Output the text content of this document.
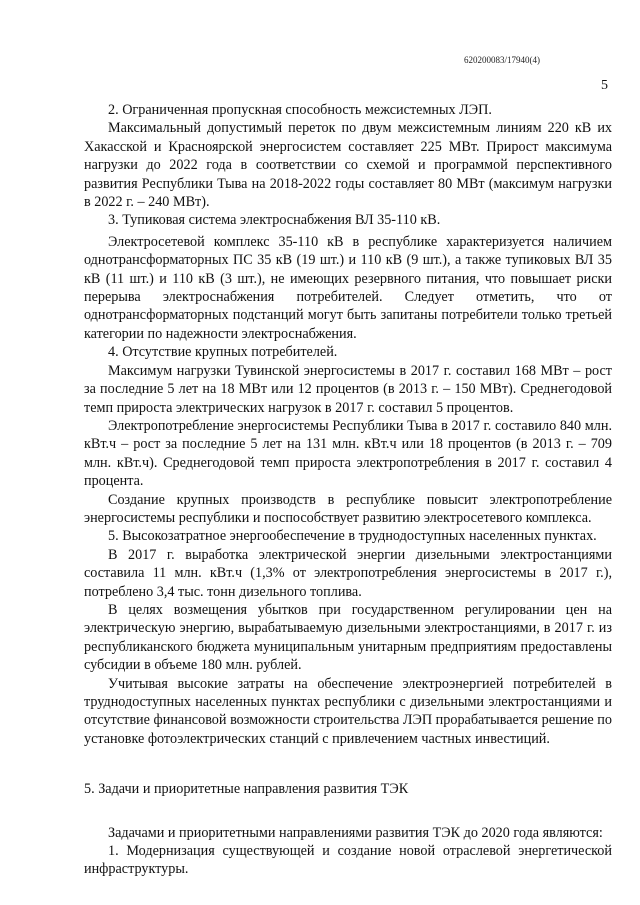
620200083/17940(4)
5

2. Ограниченная пропускная способность межсистемных ЛЭП.

Максимальный допустимый переток по двум межсистемным линиям 220 кВ их Хакасской и Красноярской энергосистем составляет 225 МВт. Прирост максимума нагрузки до 2022 года в соответствии со схемой и программой перспективного развития Республики Тыва на 2018-2022 годы составляет 80 МВт (максимум нагрузки в 2022 г. – 240 МВт).

3. Тупиковая система электроснабжения ВЛ 35-110 кВ.

Электросетевой комплекс 35-110 кВ в республике характеризуется наличием однотрансформаторных ПС 35 кВ (19 шт.) и 110 кВ (9 шт.), а также тупиковых ВЛ 35 кВ (11 шт.) и 110 кВ (3 шт.), не имеющих резервного питания, что повышает риски перерыва электроснабжения потребителей. Следует отметить, что от однотрансформаторных подстанций могут быть запитаны потребители только третьей категории по надежности электроснабжения.

4. Отсутствие крупных потребителей.

Максимум нагрузки Тувинской энергосистемы в 2017 г. составил 168 МВт – рост за последние 5 лет на 18 МВт или 12 процентов (в 2013 г. – 150 МВт). Среднегодовой темп прироста электрических нагрузок в 2017 г. составил 5 процентов.

Электропотребление энергосистемы Республики Тыва в 2017 г. составило 840 млн. кВт.ч – рост за последние 5 лет на 131 млн. кВт.ч или 18 процентов (в 2013 г. – 709 млн. кВт.ч). Среднегодовой темп прироста электропотребления в 2017 г. составил 4 процента.

Создание крупных производств в республике повысит электропотребление энергосистемы республики и поспособствует развитию электросетевого комплекса.

5. Высокозатратное энергообеспечение в труднодоступных населенных пунктах.

В 2017 г. выработка электрической энергии дизельными электростанциями составила 11 млн. кВт.ч (1,3% от электропотребления энергосистемы в 2017 г.), потреблено 3,4 тыс. тонн дизельного топлива.

В целях возмещения убытков при государственном регулировании цен на электрическую энергию, вырабатываемую дизельными электростанциями, в 2017 г. из республиканского бюджета муниципальным унитарным предприятиям предоставлены субсидии в объеме 180 млн. рублей.

Учитывая высокие затраты на обеспечение электроэнергией потребителей в труднодоступных населенных пунктах республики с дизельными электростанциями и отсутствие финансовой возможности строительства ЛЭП прорабатывается решение по установке фотоэлектрических станций с привлечением частных инвестиций.

5. Задачи и приоритетные направления развития ТЭК

Задачами и приоритетными направлениями развития ТЭК до 2020 года являются:

1. Модернизация существующей и создание новой отраслевой энергетической инфраструктуры.
